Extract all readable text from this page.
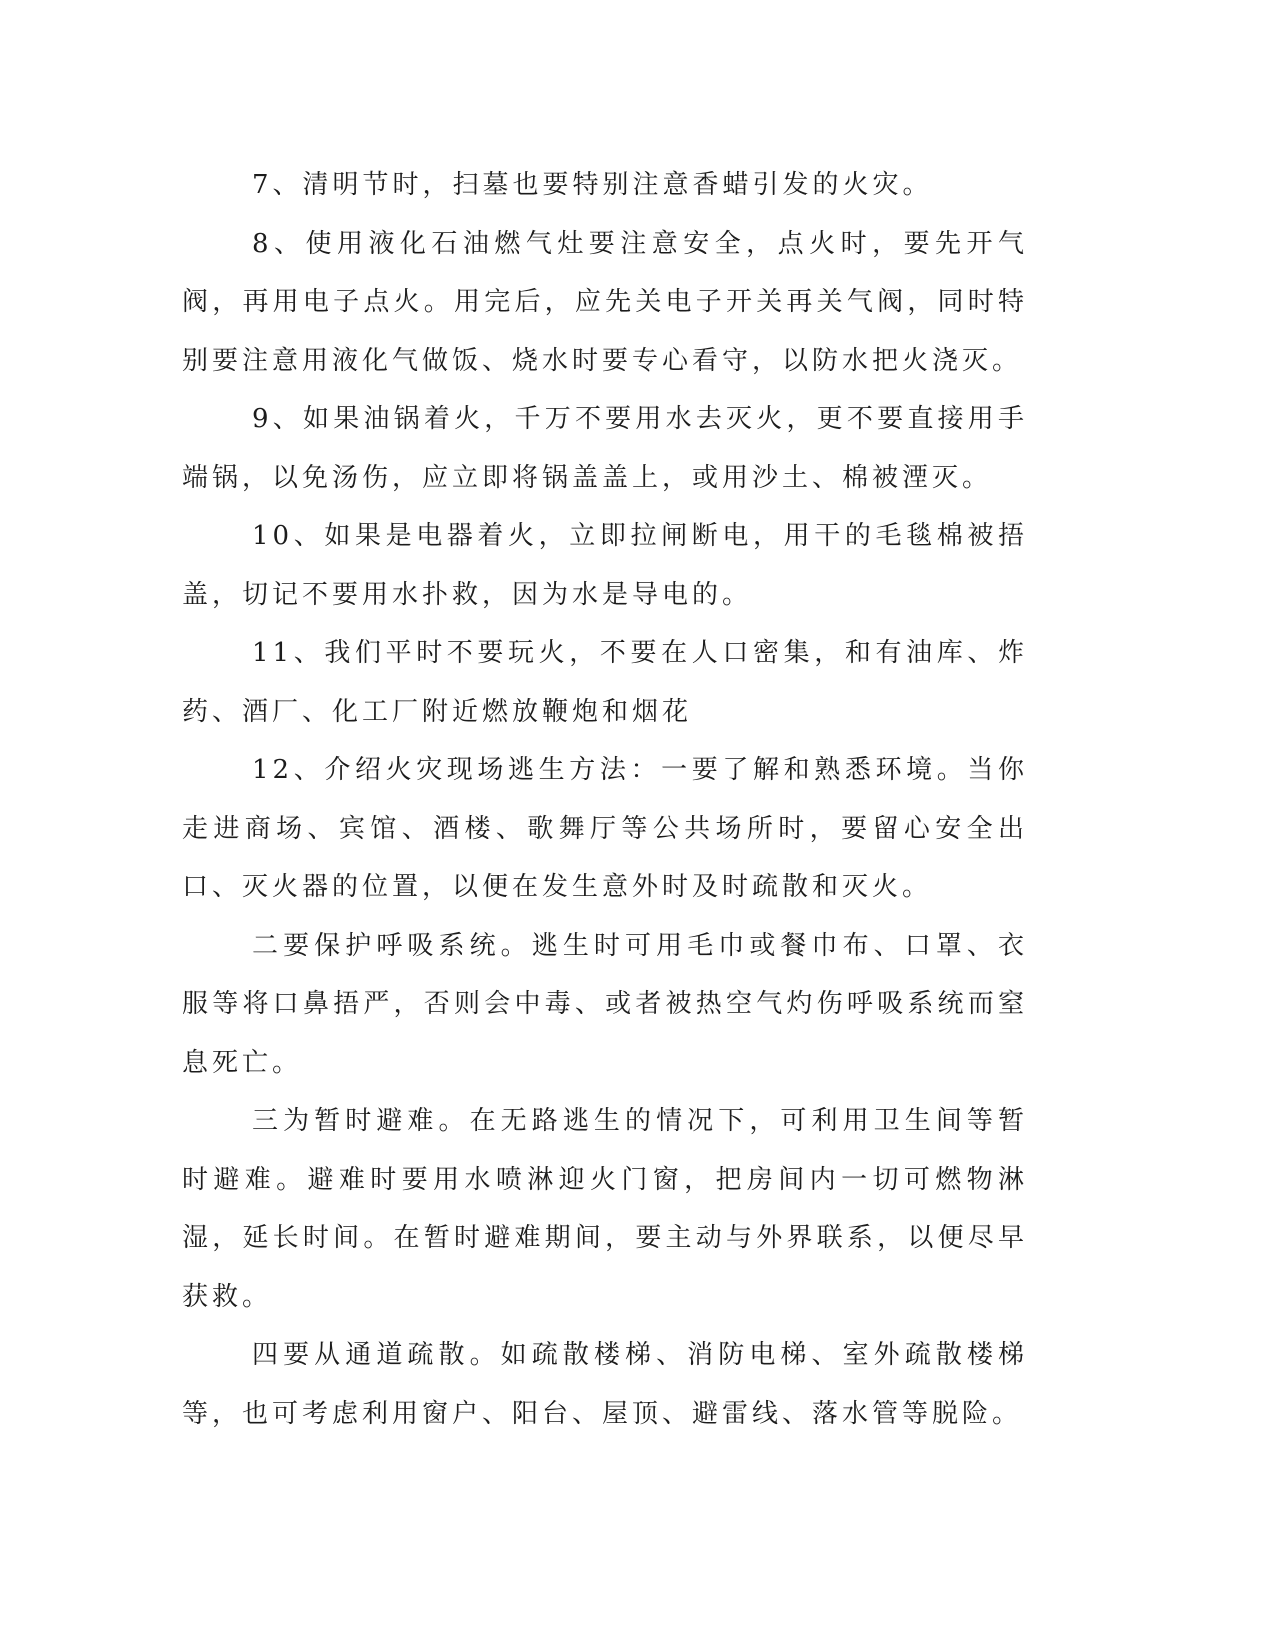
7、清明节时，扫墓也要特别注意香蜡引发的火灾。

8、使用液化石油燃气灶要注意安全，点火时，要先开气阀，再用电子点火。用完后，应先关电子开关再关气阀，同时特别要注意用液化气做饭、烧水时要专心看守，以防水把火浇灭。

9、如果油锅着火，千万不要用水去灭火，更不要直接用手端锅，以免汤伤，应立即将锅盖盖上，或用沙土、棉被湮灭。

10、如果是电器着火，立即拉闸断电，用干的毛毯棉被捂盖，切记不要用水扑救，因为水是导电的。

11、我们平时不要玩火，不要在人口密集，和有油库、炸药、酒厂、化工厂附近燃放鞭炮和烟花

12、介绍火灾现场逃生方法：一要了解和熟悉环境。当你走进商场、宾馆、酒楼、歌舞厅等公共场所时，要留心安全出口、灭火器的位置，以便在发生意外时及时疏散和灭火。

二要保护呼吸系统。逃生时可用毛巾或餐巾布、口罩、衣服等将口鼻捂严，否则会中毒、或者被热空气灼伤呼吸系统而窒息死亡。

三为暂时避难。在无路逃生的情况下，可利用卫生间等暂时避难。避难时要用水喷淋迎火门窗，把房间内一切可燃物淋湿，延长时间。在暂时避难期间，要主动与外界联系，以便尽早获救。

四要从通道疏散。如疏散楼梯、消防电梯、室外疏散楼梯等，也可考虑利用窗户、阳台、屋顶、避雷线、落水管等脱险。
